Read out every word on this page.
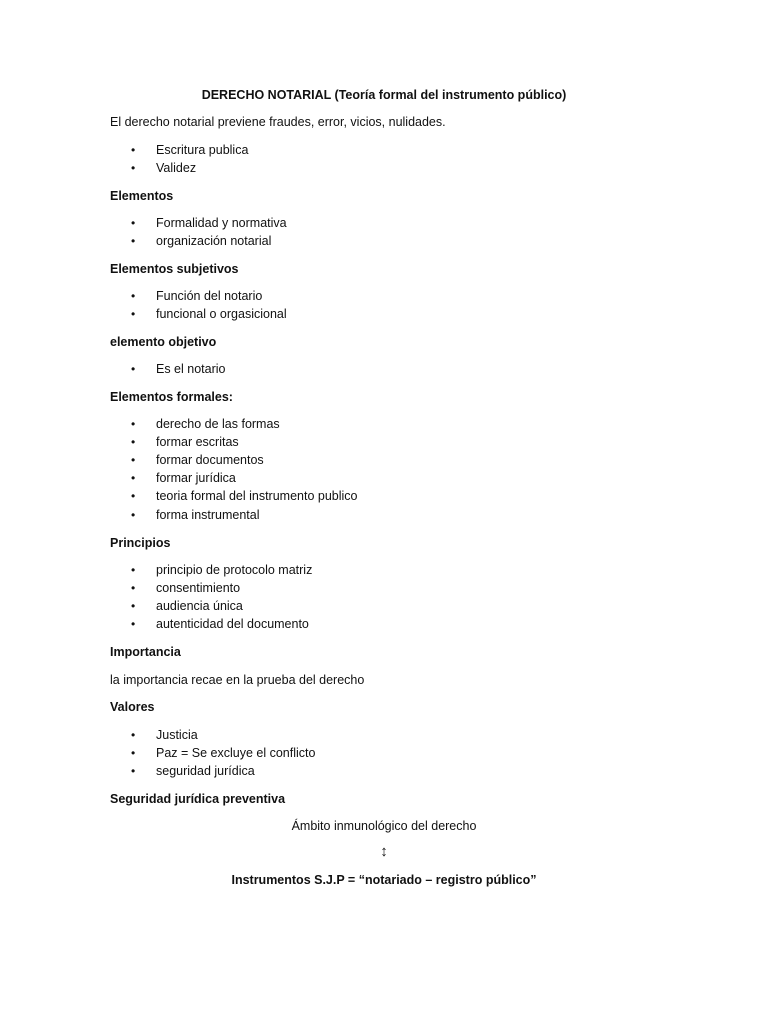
DERECHO NOTARIAL (Teoría formal del instrumento público)
El derecho notarial previene fraudes, error, vicios, nulidades.
• Escritura publica
• Validez
Elementos
• Formalidad y normativa
• organización notarial
Elementos subjetivos
• Función del notario
• funcional o orgasicional
elemento objetivo
• Es el notario
Elementos formales:
• derecho de las formas
• formar escritas
• formar documentos
• formar jurídica
• teoria formal del instrumento publico
• forma instrumental
Principios
• principio de protocolo matriz
• consentimiento
• audiencia única
• autenticidad del documento
Importancia
la importancia recae en la prueba del derecho
Valores
• Justicia
• Paz = Se excluye el conflicto
• seguridad jurídica
Seguridad jurídica preventiva
Ámbito inmunológico del derecho
↕
Instrumentos S.J.P = “notariado – registro público”
